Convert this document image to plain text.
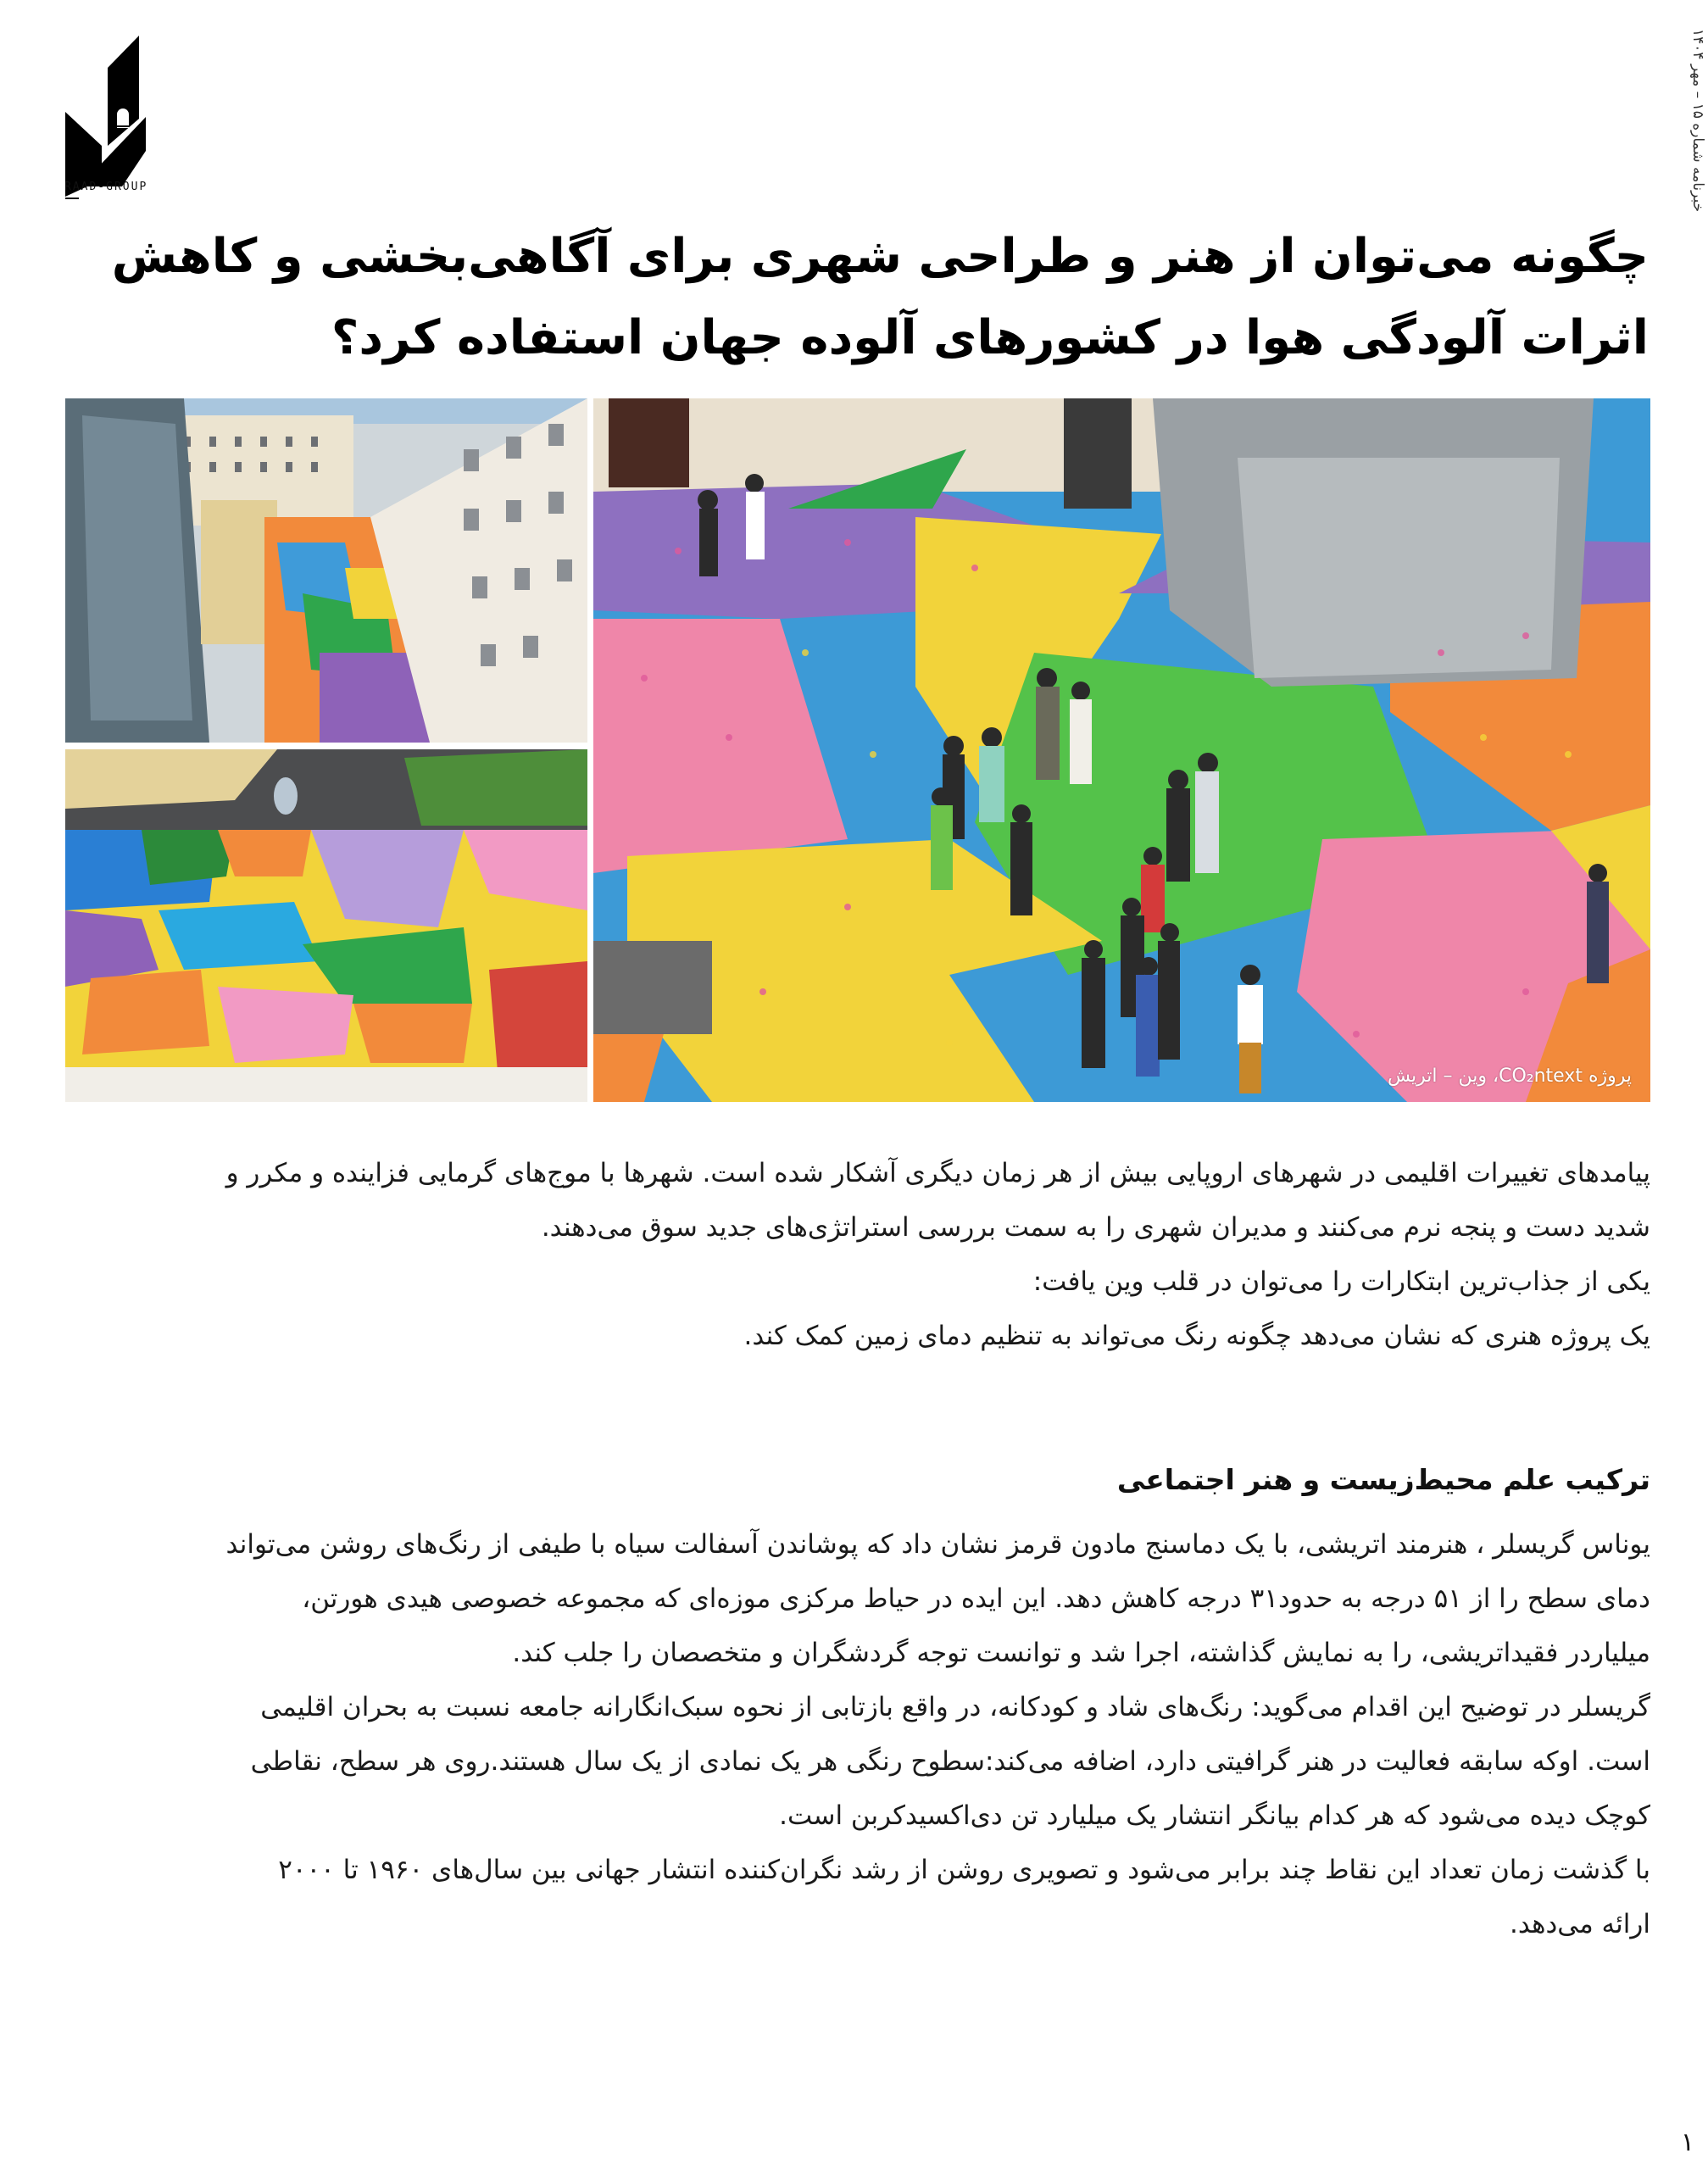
RAAD-GROUP
خبرنامه شماره ۱۵ – مهر ۱۴۰۴
چگونه می‌توان از هنر و طراحی شهری برای آگاهی‌بخشی و کاهش
اثرات آلودگی هوا در کشورهای آلوده جهان استفاده کرد؟
پروژه CO₂ntext، وین – اتریش

پیامدهای تغییرات اقلیمی در شهرهای اروپایی بیش از هر زمان دیگری آشکار شده است. شهرها با موج‌های گرمایی فزاینده و مکرر و
شدید دست و پنجه نرم می‌کنند و مدیران شهری را به سمت بررسی استراتژی‌های جدید سوق می‌دهند.
یکی از جذاب‌ترین ابتکارات را می‌توان در قلب وین یافت:
یک پروژه هنری که نشان می‌دهد چگونه رنگ می‌تواند به تنظیم دمای زمین کمک کند.

ترکیب علم محیط‌زیست و هنر اجتماعی

یوناس گریسلر ، هنرمند اتریشی، با یک دماسنج مادون قرمز نشان داد که پوشاندن آسفالت سیاه با طیفی از رنگ‌های روشن می‌تواند
دمای سطح را از ۵۱ درجه به حدود۳۱ درجه کاهش دهد. این ایده در حیاط مرکزی موزه‌ای که مجموعه خصوصی هیدی هورتن،
میلیاردر فقیداتریشی، را به نمایش گذاشته، اجرا شد و توانست توجه گردشگران و متخصصان را جلب کند.
گریسلر در توضیح این اقدام می‌گوید: رنگ‌های شاد و کودکانه، در واقع بازتابی از نحوه سبک‌انگارانه جامعه نسبت به بحران اقلیمی
است. اوکه سابقه فعالیت در هنر گرافیتی دارد، اضافه می‌کند:سطوح رنگی هر یک نمادی از یک سال هستند.روی هر سطح، نقاطی
کوچک دیده می‌شود که هر کدام بیانگر انتشار یک میلیارد تن دی‌اکسید‌کربن است.
با گذشت زمان تعداد این نقاط چند برابر می‌شود و تصویری روشن از رشد نگران‌کننده انتشار جهانی بین سال‌های ۱۹۶۰ تا ۲۰۰۰
ارائه می‌دهد.

۱
